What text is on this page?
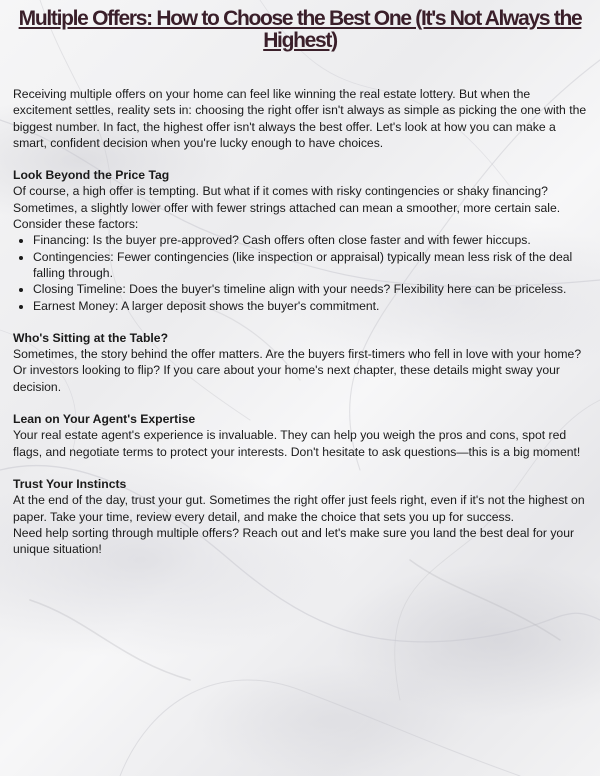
Multiple Offers: How to Choose the Best One (It's Not Always the Highest)

Receiving multiple offers on your home can feel like winning the real estate lottery. But when the excitement settles, reality sets in: choosing the right offer isn't always as simple as picking the one with the biggest number. In fact, the highest offer isn't always the best offer. Let's look at how you can make a smart, confident decision when you're lucky enough to have choices.

Look Beyond the Price Tag

Of course, a high offer is tempting. But what if it comes with risky contingencies or shaky financing? Sometimes, a slightly lower offer with fewer strings attached can mean a smoother, more certain sale. Consider these factors:

• Financing: Is the buyer pre-approved? Cash offers often close faster and with fewer hiccups.
• Contingencies: Fewer contingencies (like inspection or appraisal) typically mean less risk of the deal falling through.
• Closing Timeline: Does the buyer's timeline align with your needs? Flexibility here can be priceless.
• Earnest Money: A larger deposit shows the buyer's commitment.

Who's Sitting at the Table?

Sometimes, the story behind the offer matters. Are the buyers first-timers who fell in love with your home? Or investors looking to flip? If you care about your home's next chapter, these details might sway your decision.

Lean on Your Agent's Expertise

Your real estate agent's experience is invaluable. They can help you weigh the pros and cons, spot red flags, and negotiate terms to protect your interests. Don't hesitate to ask questions—this is a big moment!

Trust Your Instincts

At the end of the day, trust your gut. Sometimes the right offer just feels right, even if it's not the highest on paper. Take your time, review every detail, and make the choice that sets you up for success.

Need help sorting through multiple offers? Reach out and let's make sure you land the best deal for your unique situation!
